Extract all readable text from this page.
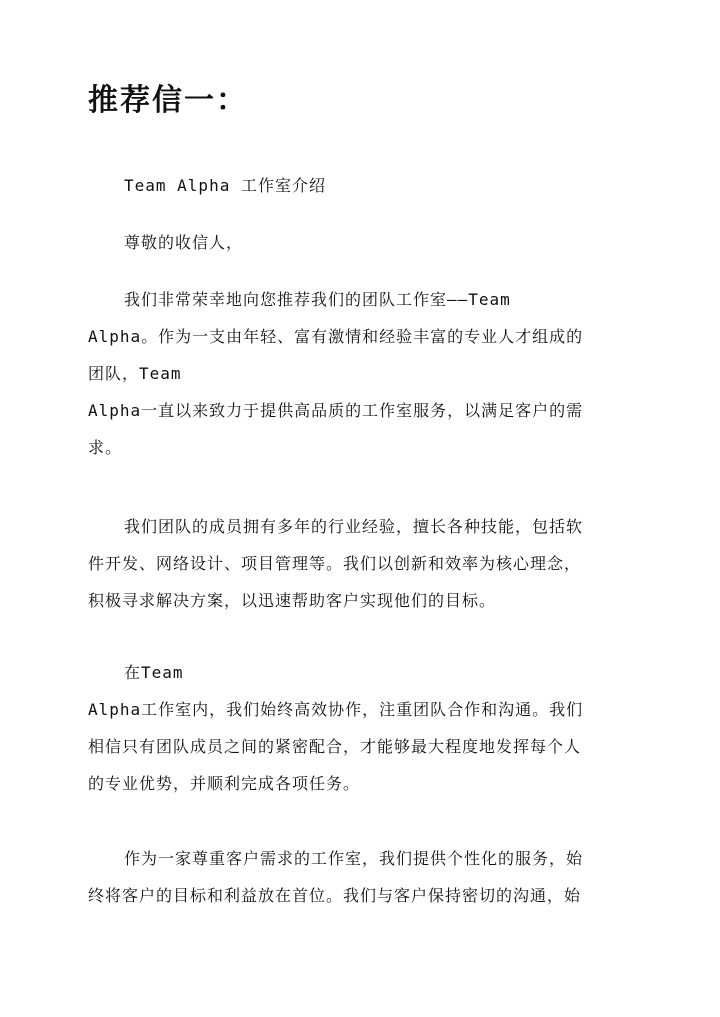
推荐信一：
Team Alpha 工作室介绍
尊敬的收信人，
我们非常荣幸地向您推荐我们的团队工作室——Team
Alpha。作为一支由年轻、富有激情和经验丰富的专业人才组成的
团队，Team
Alpha一直以来致力于提供高品质的工作室服务，以满足客户的需
求。
我们团队的成员拥有多年的行业经验，擅长各种技能，包括软
件开发、网络设计、项目管理等。我们以创新和效率为核心理念，
积极寻求解决方案，以迅速帮助客户实现他们的目标。
在Team
Alpha工作室内，我们始终高效协作，注重团队合作和沟通。我们
相信只有团队成员之间的紧密配合，才能够最大程度地发挥每个人
的专业优势，并顺利完成各项任务。
作为一家尊重客户需求的工作室，我们提供个性化的服务，始
终将客户的目标和利益放在首位。我们与客户保持密切的沟通，始
